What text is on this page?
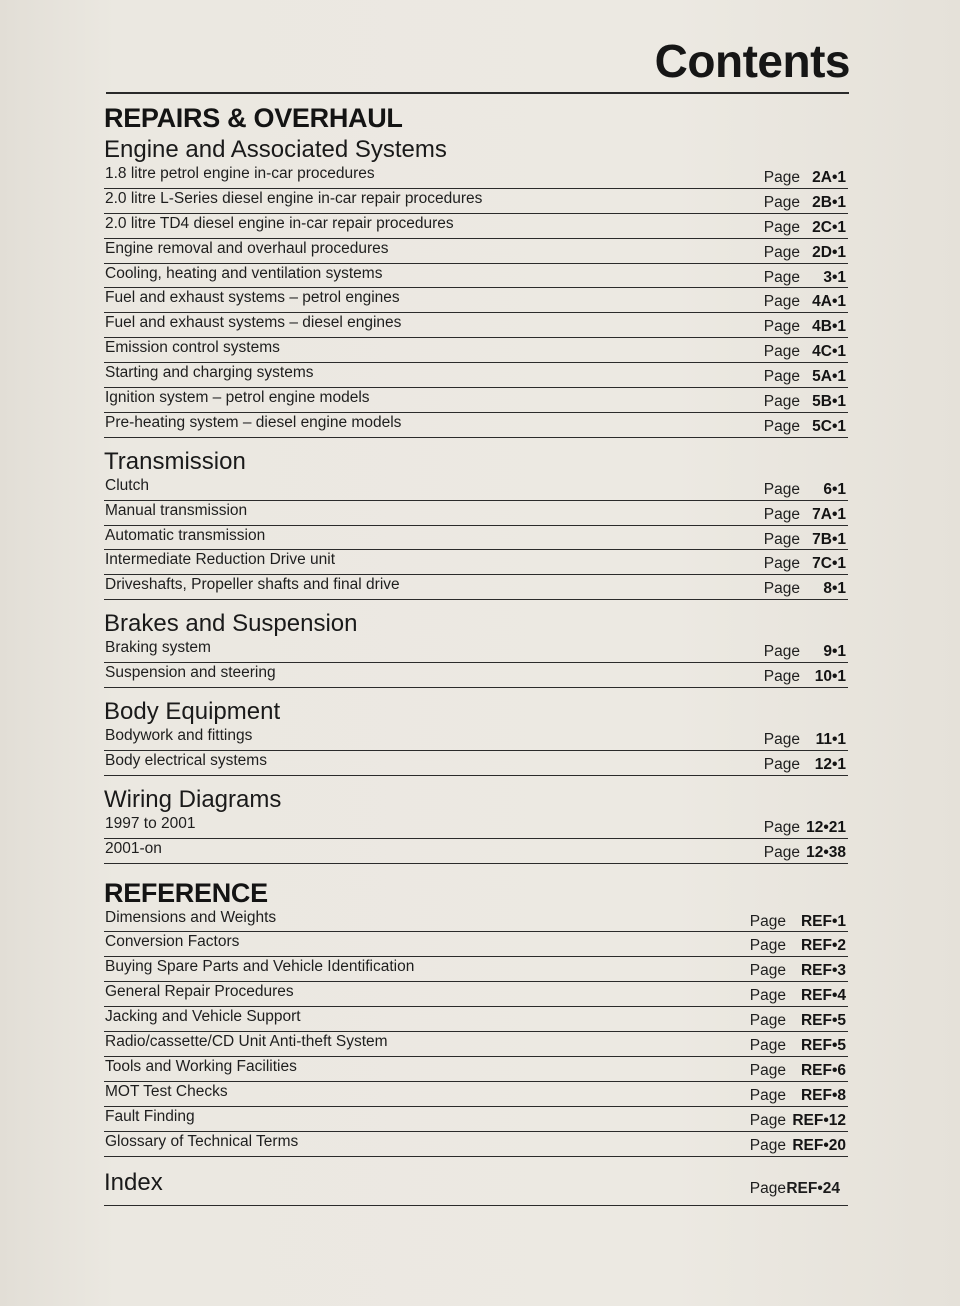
Contents
REPAIRS & OVERHAUL
Engine and Associated Systems
1.8 litre petrol engine in-car procedures	Page 2A•1
2.0 litre L-Series diesel engine in-car repair procedures	Page 2B•1
2.0 litre TD4 diesel engine in-car repair procedures	Page 2C•1
Engine removal and overhaul procedures	Page 2D•1
Cooling, heating and ventilation systems	Page 3•1
Fuel and exhaust systems – petrol engines	Page 4A•1
Fuel and exhaust systems – diesel engines	Page 4B•1
Emission control systems	Page 4C•1
Starting and charging systems	Page 5A•1
Ignition system – petrol engine models	Page 5B•1
Pre-heating system – diesel engine models	Page 5C•1
Transmission
Clutch	Page 6•1
Manual transmission	Page 7A•1
Automatic transmission	Page 7B•1
Intermediate Reduction Drive unit	Page 7C•1
Driveshafts, Propeller shafts and final drive	Page 8•1
Brakes and Suspension
Braking system	Page 9•1
Suspension and steering	Page 10•1
Body Equipment
Bodywork and fittings	Page 11•1
Body electrical systems	Page 12•1
Wiring Diagrams
1997 to 2001	Page 12•21
2001-on	Page 12•38
REFERENCE
Dimensions and Weights	Page REF•1
Conversion Factors	Page REF•2
Buying Spare Parts and Vehicle Identification	Page REF•3
General Repair Procedures	Page REF•4
Jacking and Vehicle Support	Page REF•5
Radio/cassette/CD Unit Anti-theft System	Page REF•5
Tools and Working Facilities	Page REF•6
MOT Test Checks	Page REF•8
Fault Finding	Page REF•12
Glossary of Technical Terms	Page REF•20
Index	Page REF•24
